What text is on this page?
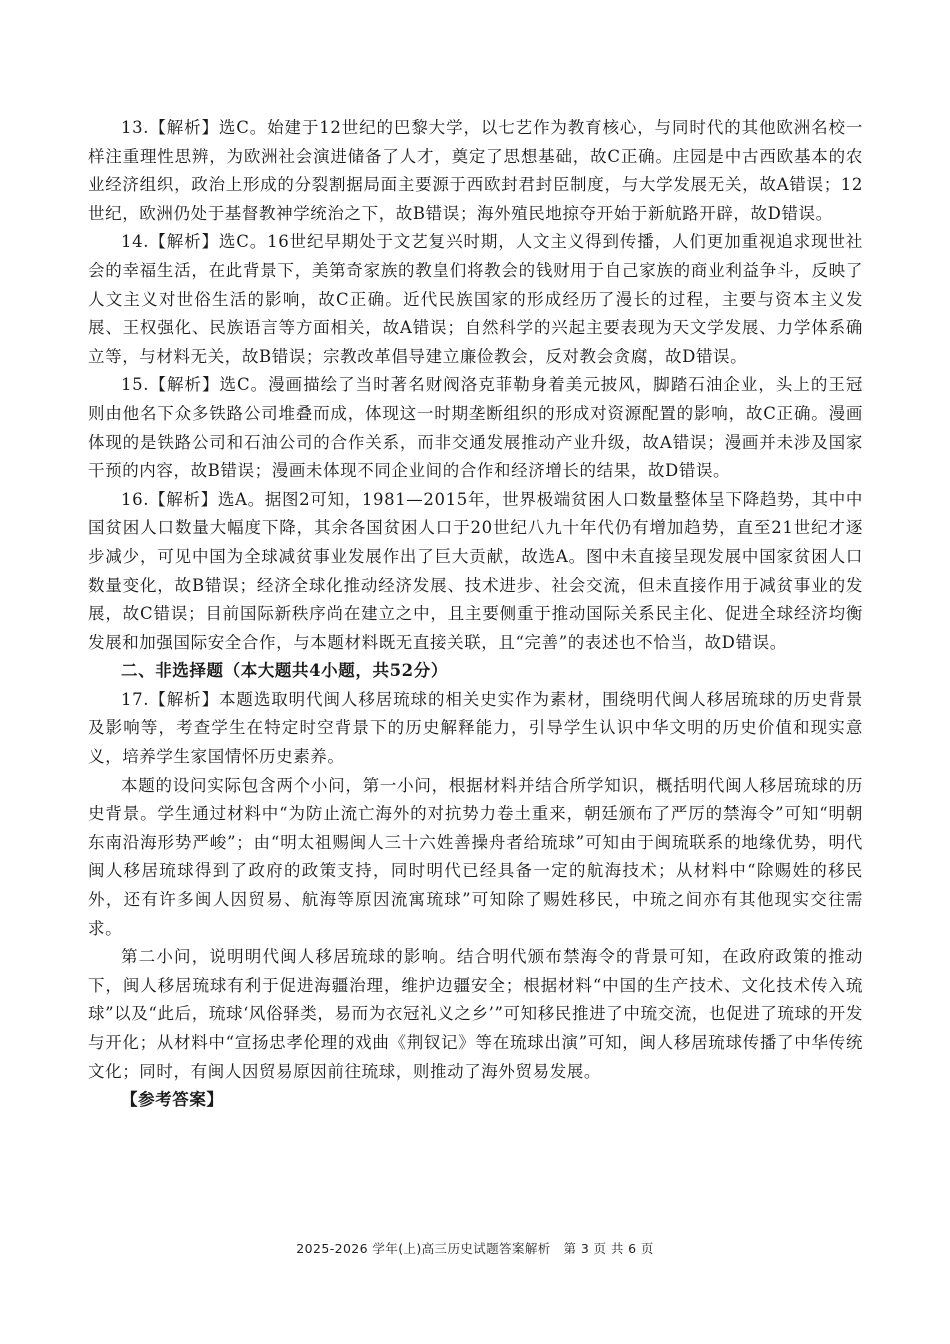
13.【解析】选C。始建于12世纪的巴黎大学，以七艺作为教育核心，与同时代的其他欧洲名校一样注重理性思辨，为欧洲社会演进储备了人才，奠定了思想基础，故C正确。庄园是中古西欧基本的农业经济组织，政治上形成的分裂割据局面主要源于西欧封君封臣制度，与大学发展无关，故A错误；12世纪，欧洲仍处于基督教神学统治之下，故B错误；海外殖民地掠夺开始于新航路开辟，故D错误。

14.【解析】选C。16世纪早期处于文艺复兴时期，人文主义得到传播，人们更加重视追求现世社会的幸福生活，在此背景下，美第奇家族的教皇们将教会的钱财用于自己家族的商业利益争斗，反映了人文主义对世俗生活的影响，故C正确。近代民族国家的形成经历了漫长的过程，主要与资本主义发展、王权强化、民族语言等方面相关，故A错误；自然科学的兴起主要表现为天文学发展、力学体系确立等，与材料无关，故B错误；宗教改革倡导建立廉俭教会，反对教会贪腐，故D错误。

15.【解析】选C。漫画描绘了当时著名财阀洛克菲勒身着美元披风，脚踏石油企业，头上的王冠则由他名下众多铁路公司堆叠而成，体现这一时期垄断组织的形成对资源配置的影响，故C正确。漫画体现的是铁路公司和石油公司的合作关系，而非交通发展推动产业升级，故A错误；漫画并未涉及国家干预的内容，故B错误；漫画未体现不同企业间的合作和经济增长的结果，故D错误。

16.【解析】选A。据图2可知，1981—2015年，世界极端贫困人口数量整体呈下降趋势，其中中国贫困人口数量大幅度下降，其余各国贫困人口于20世纪八九十年代仍有增加趋势，直至21世纪才逐步减少，可见中国为全球减贫事业发展作出了巨大贡献，故选A。图中未直接呈现发展中国家贫困人口数量变化，故B错误；经济全球化推动经济发展、技术进步、社会交流，但未直接作用于减贫事业的发展，故C错误；目前国际新秩序尚在建立之中，且主要侧重于推动国际关系民主化、促进全球经济均衡发展和加强国际安全合作，与本题材料既无直接关联，且“完善”的表述也不恰当，故D错误。

二、非选择题（本大题共4小题，共52分）

17.【解析】本题选取明代闽人移居琉球的相关史实作为素材，围绕明代闽人移居琉球的历史背景及影响等，考查学生在特定时空背景下的历史解释能力，引导学生认识中华文明的历史价值和现实意义，培养学生家国情怀历史素养。

本题的设问实际包含两个小问，第一小问，根据材料并结合所学知识，概括明代闽人移居琉球的历史背景。学生通过材料中“为防止流亡海外的对抗势力卷土重来，朝廷颁布了严厉的禁海令”可知“明朝东南沿海形势严峻”；由“明太祖赐闽人三十六姓善操舟者给琉球”可知由于闽琉联系的地缘优势，明代闽人移居琉球得到了政府的政策支持，同时明代已经具备一定的航海技术；从材料中“除赐姓的移民外，还有许多闽人因贸易、航海等原因流寓琉球”可知除了赐姓移民，中琉之间亦有其他现实交往需求。

第二小问，说明明代闽人移居琉球的影响。结合明代颁布禁海令的背景可知，在政府政策的推动下，闽人移居琉球有利于促进海疆治理，维护边疆安全；根据材料“中国的生产技术、文化技术传入琉球”以及“此后，琉球‘风俗驿类，易而为衣冠礼义之乡’”可知移民推进了中琉交流，也促进了琉球的开发与开化；从材料中“宣扬忠孝伦理的戏曲《荆钗记》等在琉球出演”可知，闽人移居琉球传播了中华传统文化；同时，有闽人因贸易原因前往琉球，则推动了海外贸易发展。

【参考答案】

2025-2026 学年(上)高三历史试题答案解析　第 3 页 共 6 页
